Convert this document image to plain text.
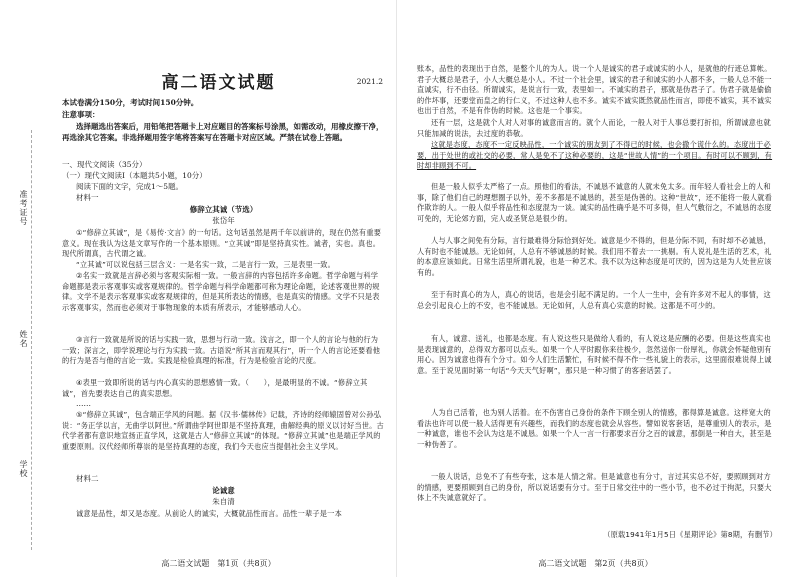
准考证号
姓名
学校
高二语文试题	2021.2
本试卷满分150分，考试时间150分钟。
注意事项：
选择题选出答案后，用铅笔把答题卡上对应题目的答案标号涂黑，如需改动，用橡皮擦干净，再选涂其它答案。非选择题用签字笔将答案写在答题卡对应区域。严禁在试卷上答题。
一、现代文阅读（35分）
（一）现代文阅读Ⅰ（本题共5小题，10分）
阅读下面的文字，完成1～5题。
材料一
修辞立其诚（节选）
张岱年
①“修辞立其诚”，是《易传·文言》的一句话。这句话虽然是两千年以前讲的，现在仍然有重要意义。现在我认为这是文章写作的一个基本原则。“立其诚”即是坚持真实性。诚者，实也。真也。现代所谓真，古代谓之诚。
“立其诚”可以说包括三层含义：一是名实一致，二是言行一致，三是表里一致。
②名实一致就是言辞必须与客观实际相一致。一般言辞的内容包括许多命题。哲学命题与科学命题都是表示客观事实或客观规律的。哲学命题与科学命题都可称为理论命题，论述客观世界的规律。文学不是表示客观事实或客观规律的，但是其所表达的情感，也是真实的情感。文学不只是表示客观事实，然而也必须对于事物现象的本质有所表示，才能够感动人心。
③言行一致就是所说的话与实践一致，思想与行动一致。浅言之，即一个人的言论与他的行为一致；深言之，即学说理论与行为实践一致。古语说“所其言而观其行”，听一个人的言论还要看他的行为是否与他的言论一致。实践是检验真理的标准，行为是检验言论的尺度。
④表里一致即所说的话与内心真实的思想感情一致。（　　），是最明显的不诚。“修辞立其诚”，首先要表达自己的真实思想。
……
⑤“修辞立其诚”，包含端正学风的问题。据《汉书·儒林传》记载，齐诗的经师辕固曾对公孙弘说：“务正学以言，无曲学以阿世。”所谓曲学阿世即是不坚持真理，曲解经典的原义以讨好当世。古代学者都有意识地宣扬正直学风，这就是古人“修辞立其诚”的体现。“修辞立其诚”也是端正学风的重要原则。汉代经师所尊崇的是坚持真理的态度，我们今天也应当提倡社会主义学风。
材料二
论诚意
朱自清
诚意是品性，却又是态度。从前论人的诚实，大概就品性而言。品性一辈子是一本
高二语文试题　第1页（共8页）
账本，品性的表现出于自然，是整个儿的为人。说一个人是诚实的君子或诚实的小人，是就他的行迹总算帐。君子大概总是君子，小人大概总是小人。不过一个社会里，诚实的君子和诚实的小人都不多，一般人总不能一直诚实，行不由径。所谓诚实，是说言行一致，表里如一。不诚实的君子，那就是伪君子了。伪君子就是偷偷的作坏事，还要堂而皇之的行仁义，不过这种人也不多。诚实不诚实既然就品性而言，即使不诚实，其不诚实也出于自然，不是有作伪的时候。这也是一个事实。
还有一层，这是就个人对人对事的诚意而言的。就个人而论，一般人对于人事总要打折扣，所谓诚意也就只能加减的说法，去过度的恭敬。
这就是态度，态度不一定反映品性，一个诚实的朋友到了不得已的时候，也会撒个谎什么的。态度出于必要，出于处世的或社交的必要，常人是免不了这种必要的，这是“世故人情”的一个项目。有时可以不顾到，有时却非顾到不可。
但是一般人似乎太严格了一点。照他们的看法，不诚恳不诚意的人就未免太多。而年轻人看社会上的人和事，除了他们自己的理想圈子以外，差不多都是不诚恳的，甚至是伪善的。这种“世故”，还不能将一般人就看作欺诈的人。一般人似乎将品性和态度混为一谈。诚实的品性确乎是不可多得，但人气敷衍之，不诚恳的态度可免的，无论郊方面，完人或圣贤总是很少的。
人与人事之间免有分际，言行最难得分际恰到好处。诚意是少不得的，但是分际不同，有时却不必诚恳，人有时也不能诚恳。无论如何，人总有不够诚恳的时候。我们用不着去一一挑剔。有人说礼是生活的艺术，礼的本意应该如此。日常生活里所谓礼貌，也是一种艺术。我不以为这种态度是可厌的，因为这是为人处世应该有的。
至于有时真心的为人，真心的说话，也是会引起不满足的。一个人一生中，会有许多对不起人的事情，这总会引起良心上的不安，也不能诚恳。无论如何，人总有真心实意的时候。这都是不可少的。
有人，诚意、送礼，也都是态度。有人说这些只是做给人看的，有人说这是应酬的必要。但是这些真实也是表现诚意的，总得双方都可以点头。如果一个人平时跟你来往极少，忽然送你一份厚礼，你就会怀疑他别有用心。因为诚意也得有个分寸。如今人们生活繁忙，有时候不得不作一些礼貌上的表示，这里面很难说得上诚意。至于说见面时第一句话“今天天气好啊”，那只是一种习惯了的客套话罢了。
人为自己活着，也为别人活着。在不伤害自己身份的条件下顾全别人的情感，都得算是诚意。这样宽大的看法也许可以使一般人活得更有兴趣些，而我们的态度也就会从容些。譬如说客套话，是尊重别人的表示，是一种诚意，谁也不会认为这是不诚恳。如果一个人一言一行都要求百分之百的诚意，那倒是一种自大，甚至是一种伪善了。
一般人说话，总免不了有些夸张，这本是人情之常。但是诚意也有分寸，言过其实总不好，要照顾到对方的情感，更要照顾到自己的身份，所以说话要有分寸。至于日常交往中的一些小节，也不必过于拘泥，只要大体上不失诚意就好了。
（原载1941年1月5日《星期评论》第8期，有删节）
高二语文试题　第2页（共8页）
